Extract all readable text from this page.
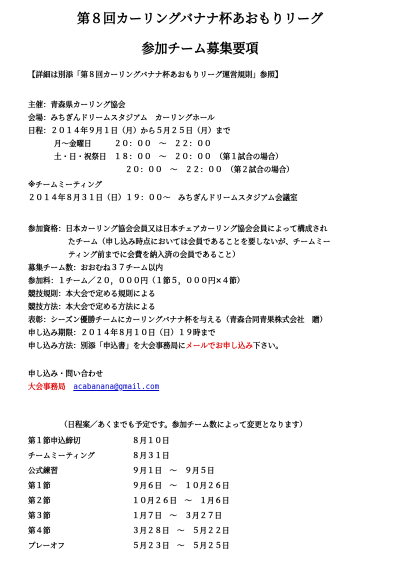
第８回カーリングバナナ杯あおもりリーグ
参加チーム募集要項
【詳細は別添「第８回カーリングバナナ杯あおもりリーグ運営規則」参照】
主催：青森県カーリング協会
会場：みちぎんドリームスタジアム　カーリングホール
日程：２０１４年９月１日（月）から５月２５日（月）まで
月～金曜日　　　２０：００　～　２２：００
土・日・祝祭日　１８：００　～　２０：００　（第１試合の場合）
２０：００　～　２２：００　（第２試合の場合）
※チームミーティング
２０１４年８月３１日（日）１９：００～　みちぎんドリームスタジアム会議室
参加資格：日本カーリング協会会員又は日本チェアカーリング協会会員によって構成され
たチーム（申し込み時点においては会員であることを要しないが、チームミー
ティング前までに会費を納入済の会員であること）
募集チーム数：おおむね３７チーム以内
参加料：１チーム／２０，０００円（１節５，０００円×４節）
競技規則：本大会で定める規則による
競技方法：本大会で定める方法による
表彰：シーズン優勝チームにカーリングバナナ杯を与える（青森合同青果株式会社　贈）
申し込み期限：２０１４年８月１０日（日）１９時まで
申し込み方法：別添「申込書」を大会事務局にメールでお申し込み下さい。
申し込み・問い合わせ
大会事務局 acabanana@gmail.com
（日程案／あくまでも予定です。参加チーム数によって変更となります）
第１節申込締切	８月１０日
チームミーティング	８月３１日
公式練習	９月１日　～　９月５日
第１節	９月６日　～　１０月２６日
第２節	１０月２６日　～　１月６日
第３節	１月７日　～　３月２７日
第４節	３月２８日　～　５月２２日
プレーオフ	５月２３日　～　５月２５日
